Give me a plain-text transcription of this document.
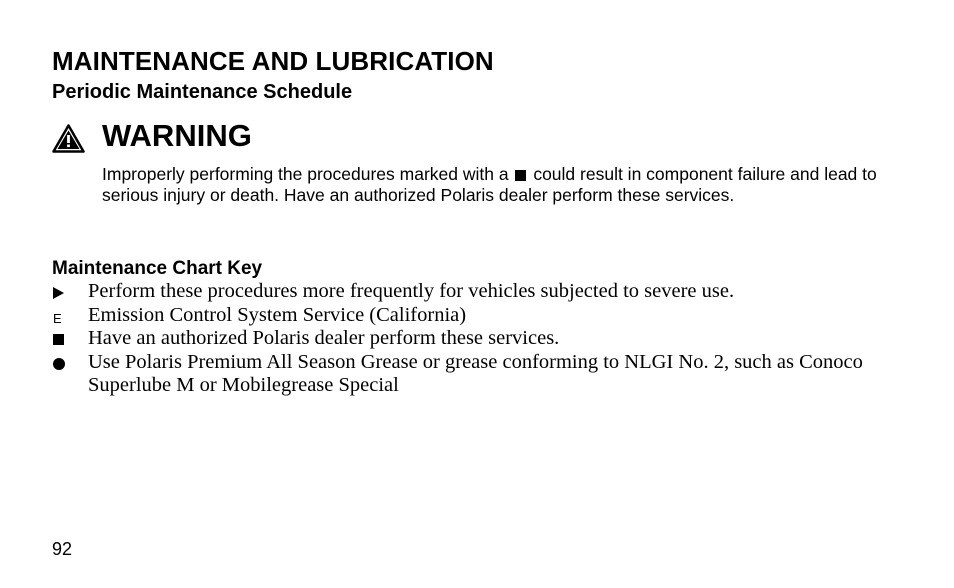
MAINTENANCE AND LUBRICATION
Periodic Maintenance Schedule
WARNING
Improperly performing the procedures marked with a could result in component failure and lead to serious injury or death. Have an authorized Polaris dealer perform these services.
Maintenance Chart Key
Perform these procedures more frequently for vehicles subjected to severe use.
E Emission Control System Service (California)
Have an authorized Polaris dealer perform these services.
Use Polaris Premium All Season Grease or grease conforming to NLGI No. 2, such as Conoco Superlube M or Mobilegrease Special
92
